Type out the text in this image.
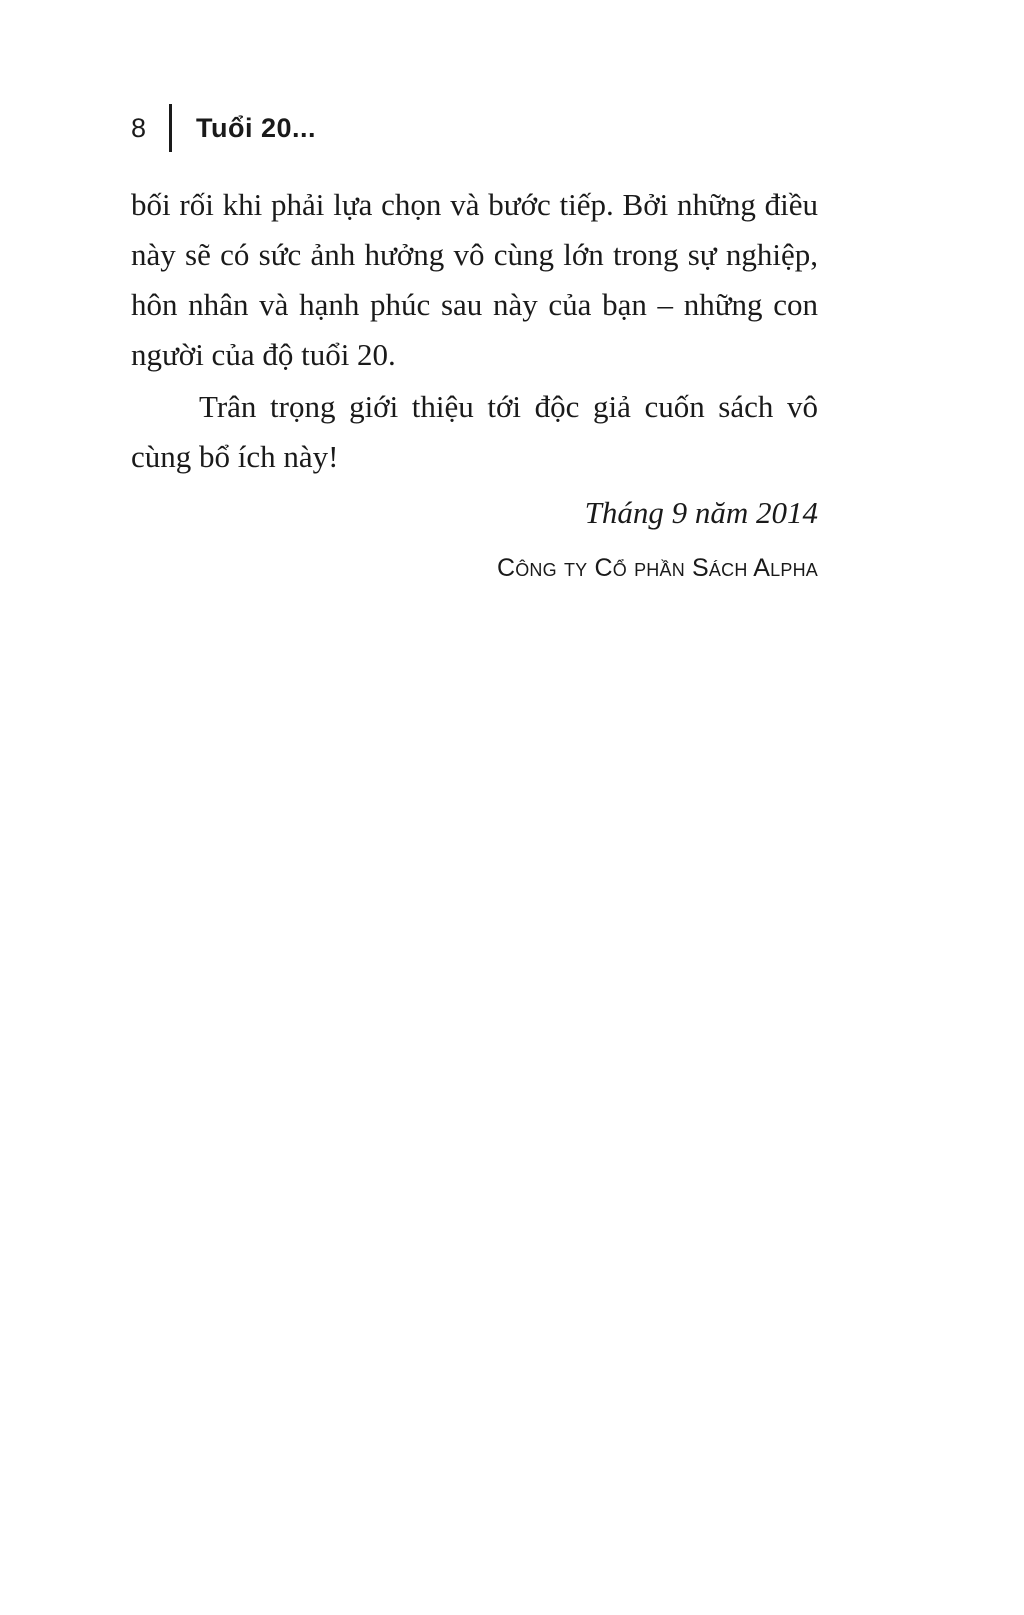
8	Tuổi 20...

bối rối khi phải lựa chọn và bước tiếp. Bởi những điều
này sẽ có sức ảnh hưởng vô cùng lớn trong sự nghiệp,
hôn nhân và hạnh phúc sau này của bạn – những con
người của độ tuổi 20.

Trân trọng giới thiệu tới độc giả cuốn sách vô
cùng bổ ích này!

Tháng 9 năm 2014
Công ty Cổ phần Sách Alpha
